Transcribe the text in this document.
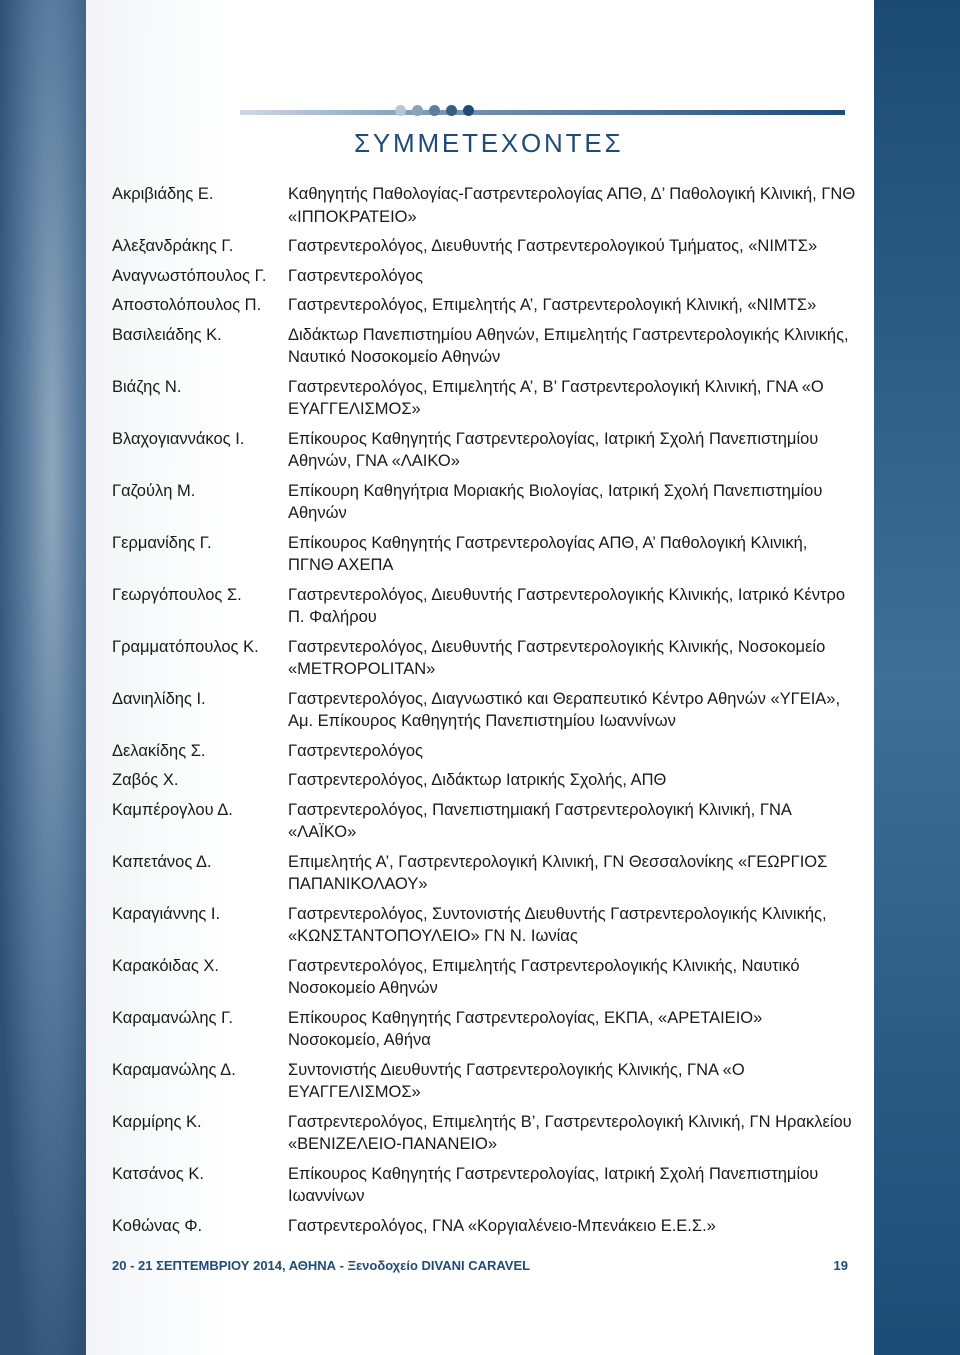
ΣΥΜΜΕΤΕΧΟΝΤΕΣ
Ακριβιάδης Ε.	Καθηγητής Παθολογίας-Γαστρεντερολογίας ΑΠΘ, Δ’ Παθολογική Κλινική, ΓΝΘ «ΙΠΠΟΚΡΑΤΕΙΟ»
Αλεξανδράκης Γ.	Γαστρεντερολόγος, Διευθυντής Γαστρεντερολογικού Τμήματος, «ΝΙΜΤΣ»
Αναγνωστόπουλος Γ.	Γαστρεντερολόγος
Αποστολόπουλος Π.	Γαστρεντερολόγος, Επιμελητής Α’, Γαστρεντερολογική Κλινική, «ΝΙΜΤΣ»
Βασιλειάδης Κ.	Διδάκτωρ Πανεπιστημίου Αθηνών, Επιμελητής Γαστρεντερολογικής Κλινικής, Ναυτικό Νοσοκομείο Αθηνών
Βιάζης Ν.	Γαστρεντερολόγος, Επιμελητής Α’, Β’ Γαστρεντερολογική Κλινική, ΓΝΑ «Ο ΕΥΑΓΓΕΛΙΣΜΟΣ»
Βλαχογιαννάκος Ι.	Επίκουρος Καθηγητής Γαστρεντερολογίας, Ιατρική Σχολή Πανεπιστημίου Αθηνών, ΓΝΑ «ΛΑΙΚΟ»
Γαζούλη Μ.	Επίκουρη Καθηγήτρια Μοριακής Βιολογίας, Ιατρική Σχολή Πανεπιστημίου Αθηνών
Γερμανίδης Γ.	Επίκουρος Καθηγητής Γαστρεντερολογίας ΑΠΘ, Α’ Παθολογική Κλινική, ΠΓΝΘ ΑΧΕΠΑ
Γεωργόπουλος Σ.	Γαστρεντερολόγος, Διευθυντής Γαστρεντερολογικής Κλινικής, Ιατρικό Κέντρο Π. Φαλήρου
Γραμματόπουλος Κ.	Γαστρεντερολόγος, Διευθυντής Γαστρεντερολογικής Κλινικής, Νοσοκομείο «METROPOLITAN»
Δανιηλίδης Ι.	Γαστρεντερολόγος, Διαγνωστικό και Θεραπευτικό Κέντρο Αθηνών «ΥΓΕΙΑ», Αμ. Επίκουρος Καθηγητής Πανεπιστημίου Ιωαννίνων
Δελακίδης Σ.	Γαστρεντερολόγος
Ζαβός Χ.	Γαστρεντερολόγος, Διδάκτωρ Ιατρικής Σχολής, ΑΠΘ
Καμπέρογλου Δ.	Γαστρεντερολόγος, Πανεπιστημιακή Γαστρεντερολογική Κλινική, ΓΝΑ «ΛΑΪΚΟ»
Καπετάνος Δ.	Επιμελητής Α’, Γαστρεντερολογική Κλινική, ΓΝ Θεσσαλονίκης «ΓΕΩΡΓΙΟΣ ΠΑΠΑΝΙΚΟΛΑΟΥ»
Καραγιάννης Ι.	Γαστρεντερολόγος, Συντονιστής Διευθυντής Γαστρεντερολογικής Κλινικής, «ΚΩΝΣΤΑΝΤΟΠΟΥΛΕΙΟ» ΓΝ Ν. Ιωνίας
Καρακόιδας Χ.	Γαστρεντερολόγος, Επιμελητής Γαστρεντερολογικής Κλινικής, Ναυτικό Νοσοκομείο Αθηνών
Καραμανώλης Γ.	Επίκουρος Καθηγητής Γαστρεντερολογίας, ΕΚΠΑ, «ΑΡΕΤΑΙΕΙΟ» Νοσοκομείο, Αθήνα
Καραμανώλης Δ.	Συντονιστής Διευθυντής Γαστρεντερολογικής Κλινικής, ΓΝΑ «Ο ΕΥΑΓΓΕΛΙΣΜΟΣ»
Καρμίρης Κ.	Γαστρεντερολόγος, Επιμελητής Β’, Γαστρεντερολογική Κλινική, ΓΝ Ηρακλείου «ΒΕΝΙΖΕΛΕΙΟ-ΠΑΝΑΝΕΙΟ»
Κατσάνος Κ.	Επίκουρος Καθηγητής Γαστρεντερολογίας, Ιατρική Σχολή Πανεπιστημίου Ιωαννίνων
Κοθώνας Φ.	Γαστρεντερολόγος, ΓΝΑ «Κοργιαλένειο-Μπενάκειο Ε.Ε.Σ.»
20 - 21 ΣΕΠΤΕΜΒΡΙΟΥ 2014, ΑΘΗΝΑ - Ξενοδοχείο DIVANI CARAVEL	19
